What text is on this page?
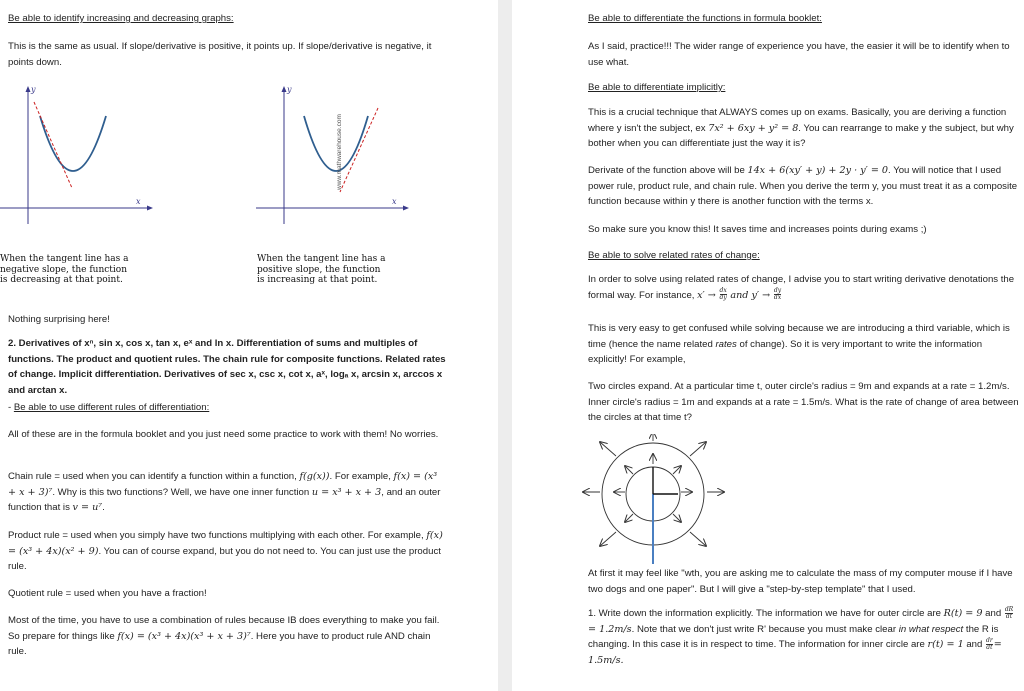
Be able to identify increasing and decreasing graphs:
This is the same as usual. If slope/derivative is positive, it points up. If slope/derivative is negative, it points down.
y
x
When the tangent line has a negative slope, the function is decreasing at that point.
y
x
When the tangent line has a positive slope, the function is increasing at that point.
www.mathwarehouse.com
Nothing surprising here!
2. Derivatives of xⁿ, sin x, cos x, tan x, eˣ and ln x. Differentiation of sums and multiples of functions. The product and quotient rules. The chain rule for composite functions. Related rates of change. Implicit differentiation. Derivatives of sec x, csc x, cot x, aˣ, logₐ x, arcsin x, arccos x and arctan x.
- Be able to use different rules of differentiation:
All of these are in the formula booklet and you just need some practice to work with them! No worries.
Chain rule = used when you can identify a function within a function, f(g(x)). For example, f(x) = (x³ + x + 3)⁷. Why is this two functions? Well, we have one inner function u = x³ + x + 3, and an outer function that is v = u⁷.
Product rule = used when you simply have two functions multiplying with each other. For example, f(x) = (x³ + 4x)(x² + 9). You can of course expand, but you do not need to. You can just use the product rule.
Quotient rule = used when you have a fraction!
Most of the time, you have to use a combination of rules because IB does everything to make you fail. So prepare for things like f(x) = (x³ + 4x)(x³ + x + 3)⁷. Here you have to product rule AND chain rule.
Be able to differentiate the functions in formula booklet:
As I said, practice!!! The wider range of experience you have, the easier it will be to identify when to use what.
Be able to differentiate implicitly:
This is a crucial technique that ALWAYS comes up on exams. Basically, you are deriving a function where y isn't the subject, ex 7x² + 6xy + y² = 8. You can rearrange to make y the subject, but why bother when you can differentiate just the way it is?
Derivate of the function above will be 14x + 6(xy′ + y) + 2y · y′ = 0. You will notice that I used power rule, product rule, and chain rule. When you derive the term y, you must treat it as a composite function because within y there is another function with the terms x.
So make sure you know this! It saves time and increases points during exams ;)
Be able to solve related rates of change:
In order to solve using related rates of change, I advise you to start writing derivative denotations the formal way. For instance, $x' \to \frac{dx}{dy}$ and $y' \to \frac{dy}{dx}$
This is very easy to get confused while solving because we are introducing a third variable, which is time (hence the name related rates of change). So it is very important to write the information explicitly! For example,
Two circles expand. At a particular time t, outer circle's radius = 9m and expands at a rate = 1.2m/s. Inner circle's radius = 1m and expands at a rate = 1.5m/s. What is the rate of change of area between the circles at that time t?
At first it may feel like "wth, you are asking me to calculate the mass of my computer mouse if I have two dogs and one paper". But I will give a "step-by-step template" that I used.
1. Write down the information explicitly. The information we have for outer circle are R(t) = 9 and $\frac{dR}{dt}$
= 1.2m/s. Note that we don't just write R' because you must make clear in what respect the R is changing. In this case it is in respect to time. The information for inner circle are r(t) = 1 and $\frac{dr}{dt} = 1.5m/s$.
